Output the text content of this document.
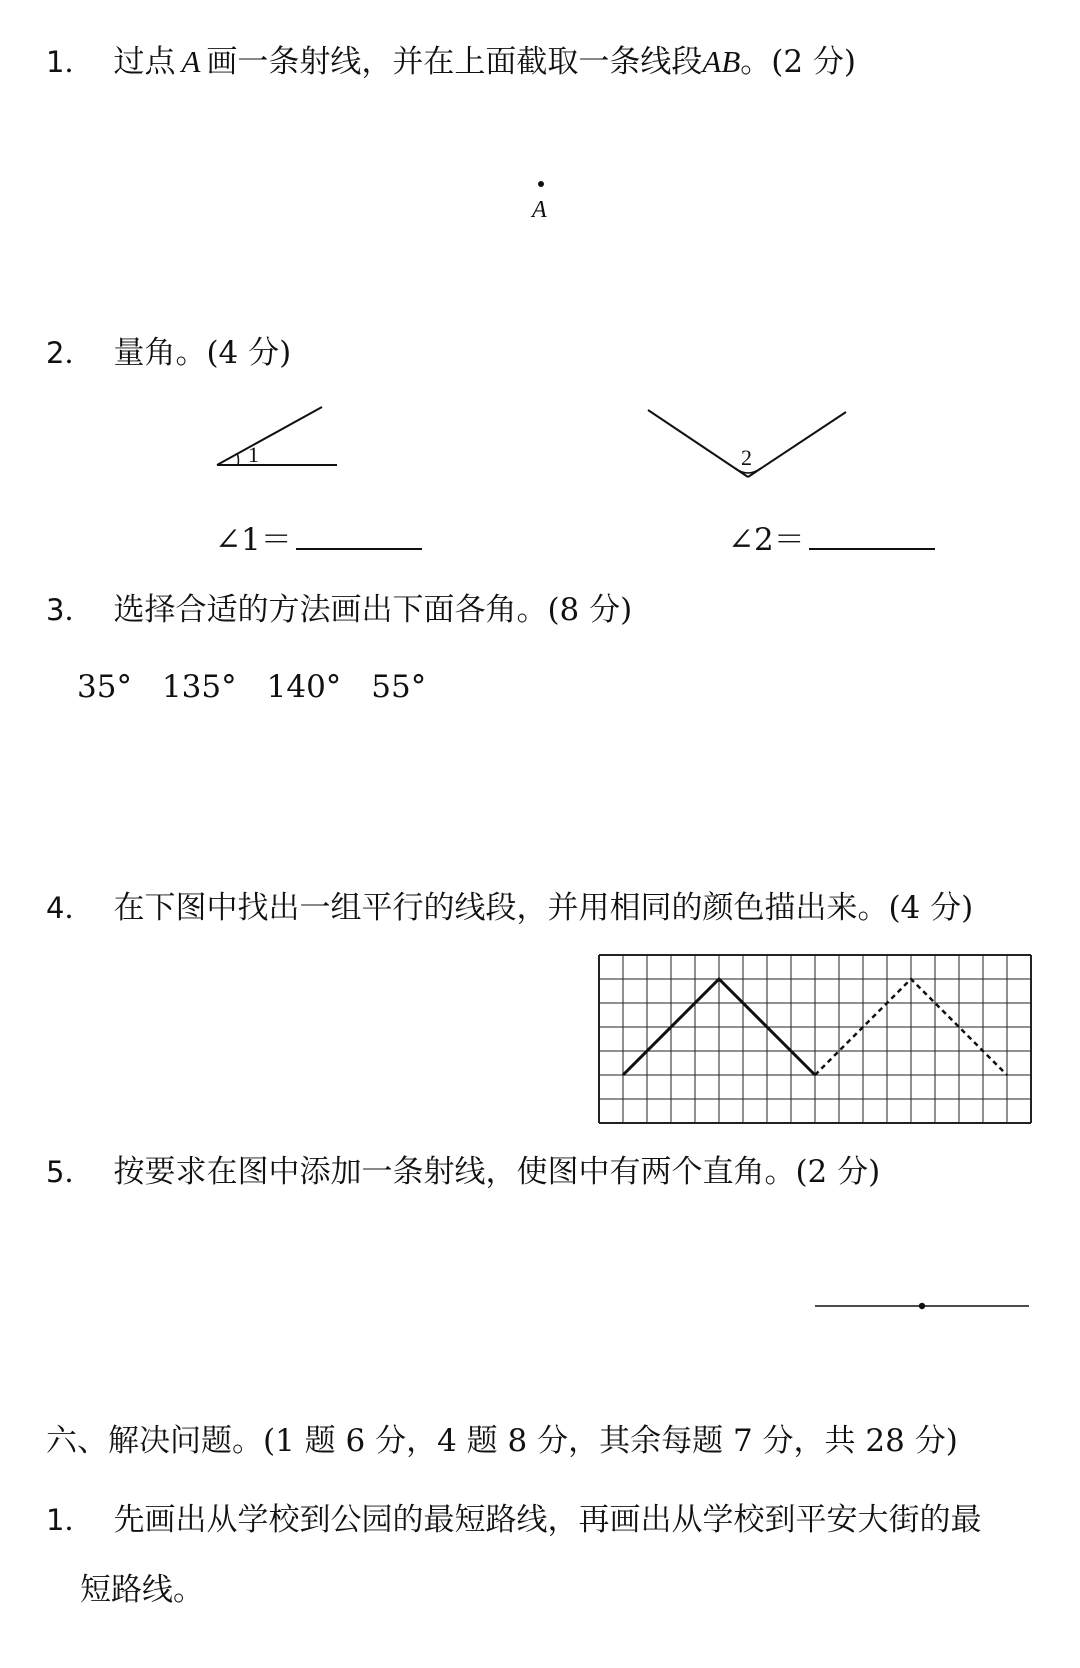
1． 过点 A 画一条射线，并在上面截取一条线段AB。(2 分)
A
2． 量角。(4 分)
1	2
∠1＝	∠2＝
3． 选择合适的方法画出下面各角。(8 分)
35° 135° 140° 55°
4． 在下图中找出一组平行的线段，并用相同的颜色描出来。(4 分)
5． 按要求在图中添加一条射线，使图中有两个直角。(2 分)
六、解决问题。(1 题 6 分，4 题 8 分，其余每题 7 分，共 28 分)
1． 先画出从学校到公园的最短路线，再画出从学校到平安大街的最
短路线。
